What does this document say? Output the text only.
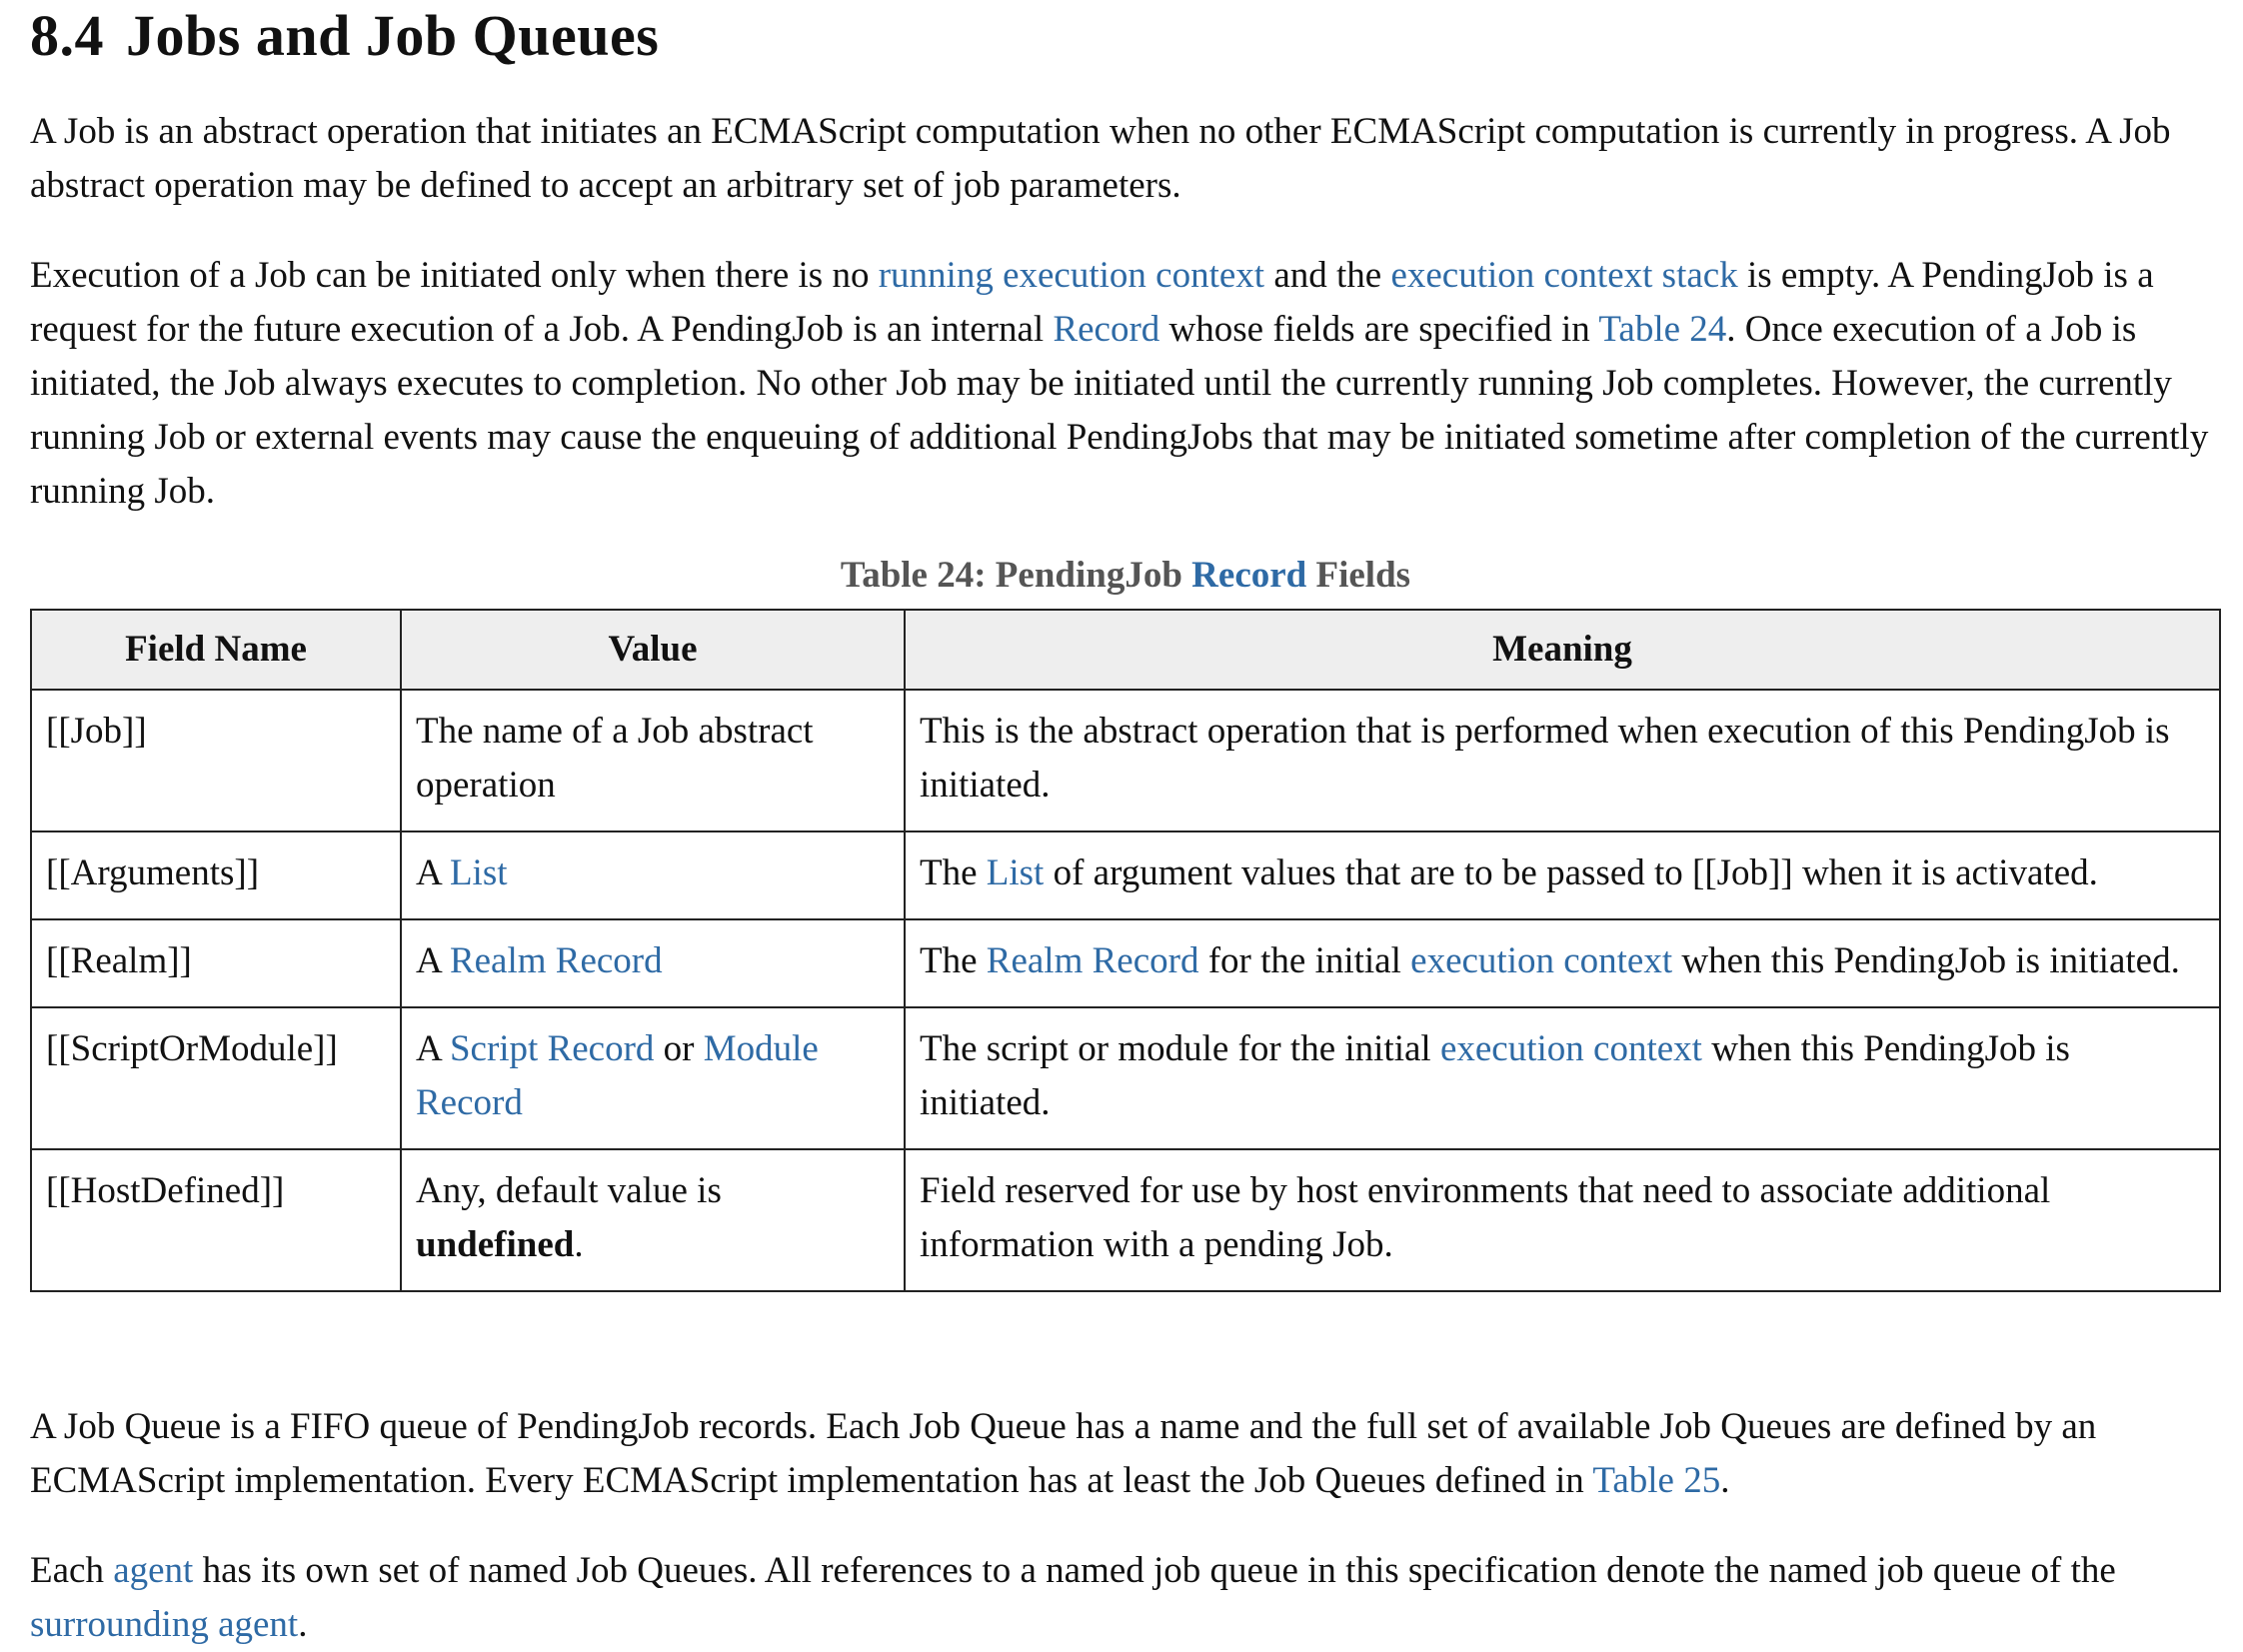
8.4 Jobs and Job Queues

A Job is an abstract operation that initiates an ECMAScript computation when no other ECMAScript computation is currently in progress. A Job abstract operation may be defined to accept an arbitrary set of job parameters.

Execution of a Job can be initiated only when there is no running execution context and the execution context stack is empty. A PendingJob is a request for the future execution of a Job. A PendingJob is an internal Record whose fields are specified in Table 24. Once execution of a Job is initiated, the Job always executes to completion. No other Job may be initiated until the currently running Job completes. However, the currently running Job or external events may cause the enqueuing of additional PendingJobs that may be initiated sometime after completion of the currently running Job.

Table 24: PendingJob Record Fields
Field Name	Value	Meaning
[[Job]]	The name of a Job abstract operation	This is the abstract operation that is performed when execution of this PendingJob is initiated.
[[Arguments]]	A List	The List of argument values that are to be passed to [[Job]] when it is activated.
[[Realm]]	A Realm Record	The Realm Record for the initial execution context when this PendingJob is initiated.
[[ScriptOrModule]]	A Script Record or Module Record	The script or module for the initial execution context when this PendingJob is initiated.
[[HostDefined]]	Any, default value is undefined.	Field reserved for use by host environments that need to associate additional information with a pending Job.

A Job Queue is a FIFO queue of PendingJob records. Each Job Queue has a name and the full set of available Job Queues are defined by an ECMAScript implementation. Every ECMAScript implementation has at least the Job Queues defined in Table 25.

Each agent has its own set of named Job Queues. All references to a named job queue in this specification denote the named job queue of the surrounding agent.
